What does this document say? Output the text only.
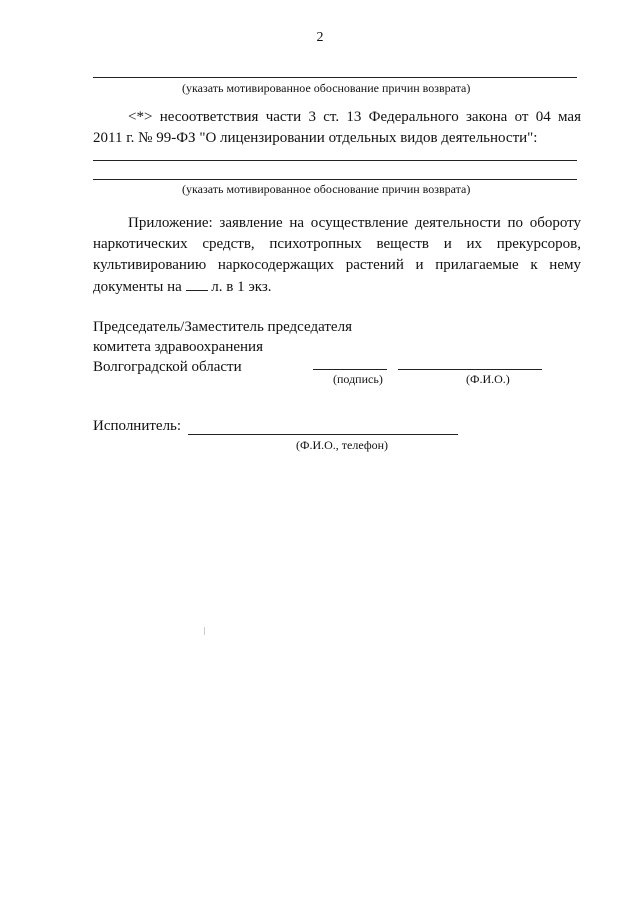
2
(указать мотивированное обоснование причин возврата)
<*> несоответствия части 3 ст. 13 Федерального закона от 04 мая
2011 г. № 99-ФЗ "О лицензировании отдельных видов деятельности":
(указать мотивированное обоснование причин возврата)
Приложение: заявление на осуществление деятельности по обороту
наркотических средств, психотропных веществ и их прекурсоров,
культивированию наркосодержащих растений и прилагаемые к нему
документы на л. в 1 экз.
Председатель/Заместитель председателя
комитета здравоохранения
Волгоградской области
(подпись)	(Ф.И.О.)
Исполнитель:
(Ф.И.О., телефон)
